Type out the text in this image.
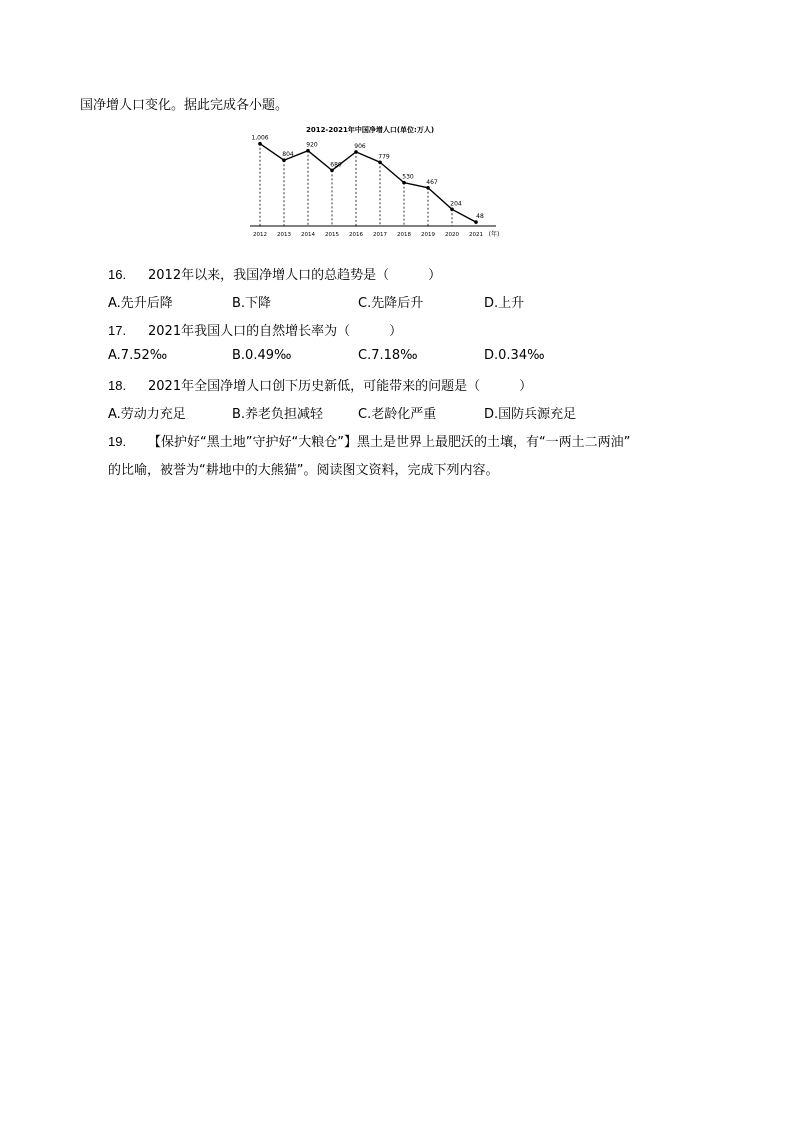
国净增人口变化。据此完成各小题。
2012-2021年中国净增人口(单位:万人)
1,006
804
920
680
906
779
530
467
204
48
2012 2013 2014 2015 2016 2017 2018 2019 2020 2021 (年)
16. 2012年以来，我国净增人口的总趋势是（　　　）
A.先升后降	B.下降	C.先降后升	D.上升
17. 2021年我国人口的自然增长率为（　　　）
A.7.52‰	B.0.49‰	C.7.18‰	D.0.34‰
18. 2021年全国净增人口创下历史新低，可能带来的问题是（　　　）
A.劳动力充足	B.养老负担减轻	C.老龄化严重	D.国防兵源充足
19. 【保护好“黑土地”守护好“大粮仓”】黑土是世界上最肥沃的土壤，有“一两土二两油”
的比喻，被誉为“耕地中的大熊猫”。阅读图文资料，完成下列内容。
